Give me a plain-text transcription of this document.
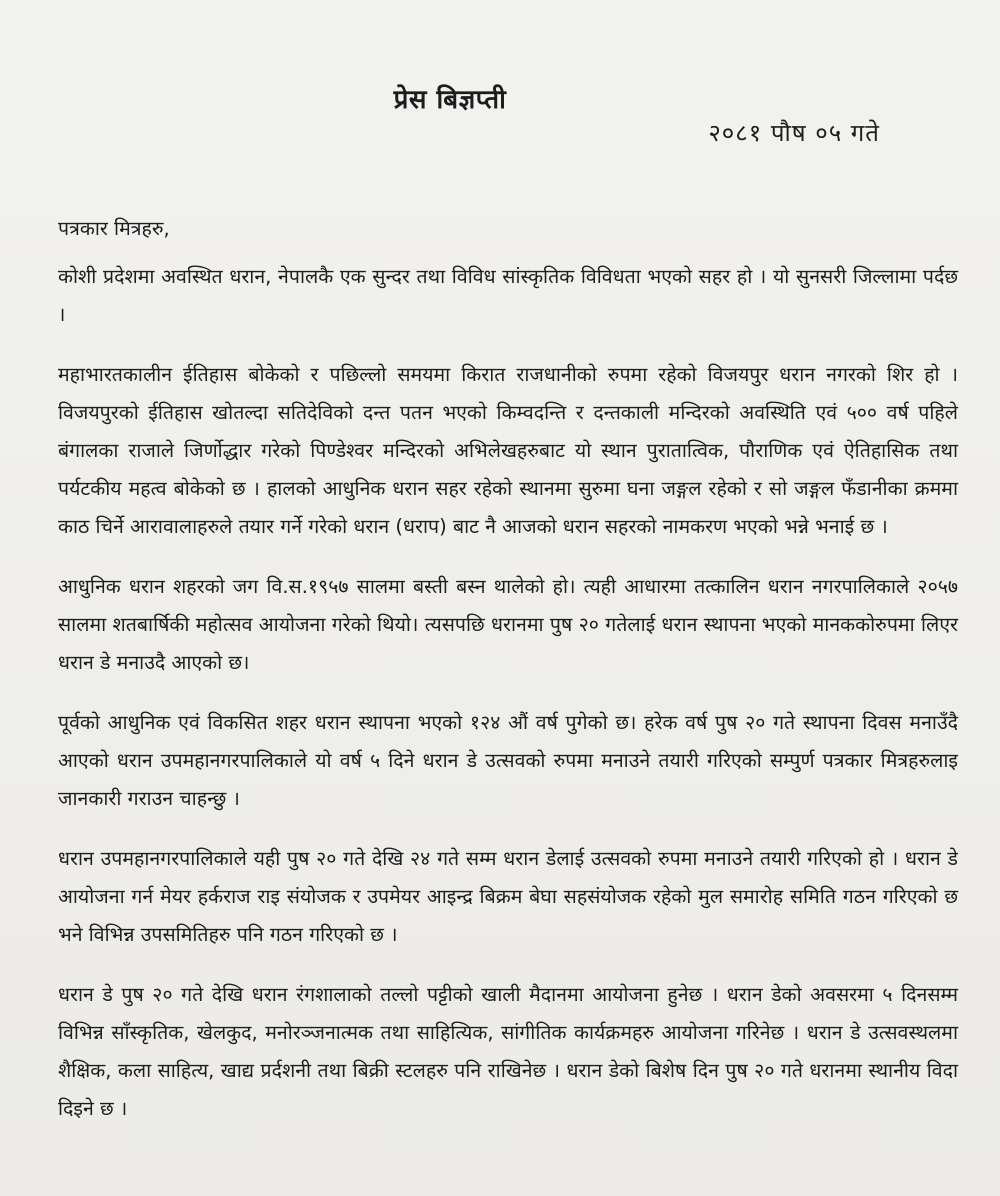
प्रेस बिज्ञप्ती
२०८१ पौष ०५ गते

पत्रकार मित्रहरु,

कोशी प्रदेशमा अवस्थित धरान, नेपालकै एक सुन्दर तथा विविध सांस्कृतिक विविधता भएको सहर हो । यो सुनसरी जिल्लामा पर्दछ ।

महाभारतकालीन ईतिहास बोकेको र पछिल्लो समयमा किरात राजधानीको रुपमा रहेको विजयपुर धरान नगरको शिर हो । विजयपुरको ईतिहास खोतल्दा सतिदेविको दन्त पतन भएको किम्वदन्ति र दन्तकाली मन्दिरको अवस्थिति एवं ५०० वर्ष पहिले बंगालका राजाले जिर्णोद्धार गरेको पिण्डेश्वर मन्दिरको अभिलेखहरुबाट यो स्थान पुरातात्विक, पौराणिक एवं ऐतिहासिक तथा पर्यटकीय महत्व बोकेको छ । हालको आधुनिक धरान सहर रहेको स्थानमा सुरुमा घना जङ्गल रहेको र सो जङ्गल फँडानीका क्रममा काठ चिर्ने आरावालाहरुले तयार गर्ने गरेको धरान (धराप) बाट नै आजको धरान सहरको नामकरण भएको भन्ने भनाई छ ।

आधुनिक धरान शहरको जग वि.स.१९५७ सालमा बस्ती बस्न थालेको हो। त्यही आधारमा तत्कालिन धरान नगरपालिकाले २०५७ सालमा शतबार्षिकी महोत्सव आयोजना गरेको थियो। त्यसपछि धरानमा पुष २० गतेलाई धरान स्थापना भएको मानककोरुपमा लिएर धरान डे मनाउदै आएको छ।

पूर्वको आधुनिक एवं विकसित शहर धरान स्थापना भएको १२४ औं वर्ष पुगेको छ। हरेक वर्ष पुष २० गते स्थापना दिवस मनाउँदै आएको धरान उपमहानगरपालिकाले यो वर्ष ५ दिने धरान डे उत्सवको रुपमा मनाउने तयारी गरिएको सम्पुर्ण पत्रकार मित्रहरुलाइ जानकारी गराउन चाहन्छु ।

धरान उपमहानगरपालिकाले यही पुष २० गते देखि २४ गते सम्म धरान डेलाई उत्सवको रुपमा मनाउने तयारी गरिएको हो । धरान डे आयोजना गर्न मेयर हर्कराज राइ संयोजक र उपमेयर आइन्द्र बिक्रम बेघा सहसंयोजक रहेको मुल समारोह समिति गठन गरिएको छ भने विभिन्न उपसमितिहरु पनि गठन गरिएको छ ।

धरान डे पुष २० गते देखि धरान रंगशालाको तल्लो पट्टीको खाली मैदानमा आयोजना हुनेछ । धरान डेको अवसरमा ५ दिनसम्म विभिन्न साँस्कृतिक, खेलकुद, मनोरञ्जनात्मक तथा साहित्यिक, सांगीतिक कार्यक्रमहरु आयोजना गरिनेछ । धरान डे उत्सवस्थलमा शैक्षिक, कला साहित्य, खाद्य प्रर्दशनी तथा बिक्री स्टलहरु पनि राखिनेछ । धरान डेको बिशेष दिन पुष २० गते धरानमा स्थानीय विदा दिइने छ ।
